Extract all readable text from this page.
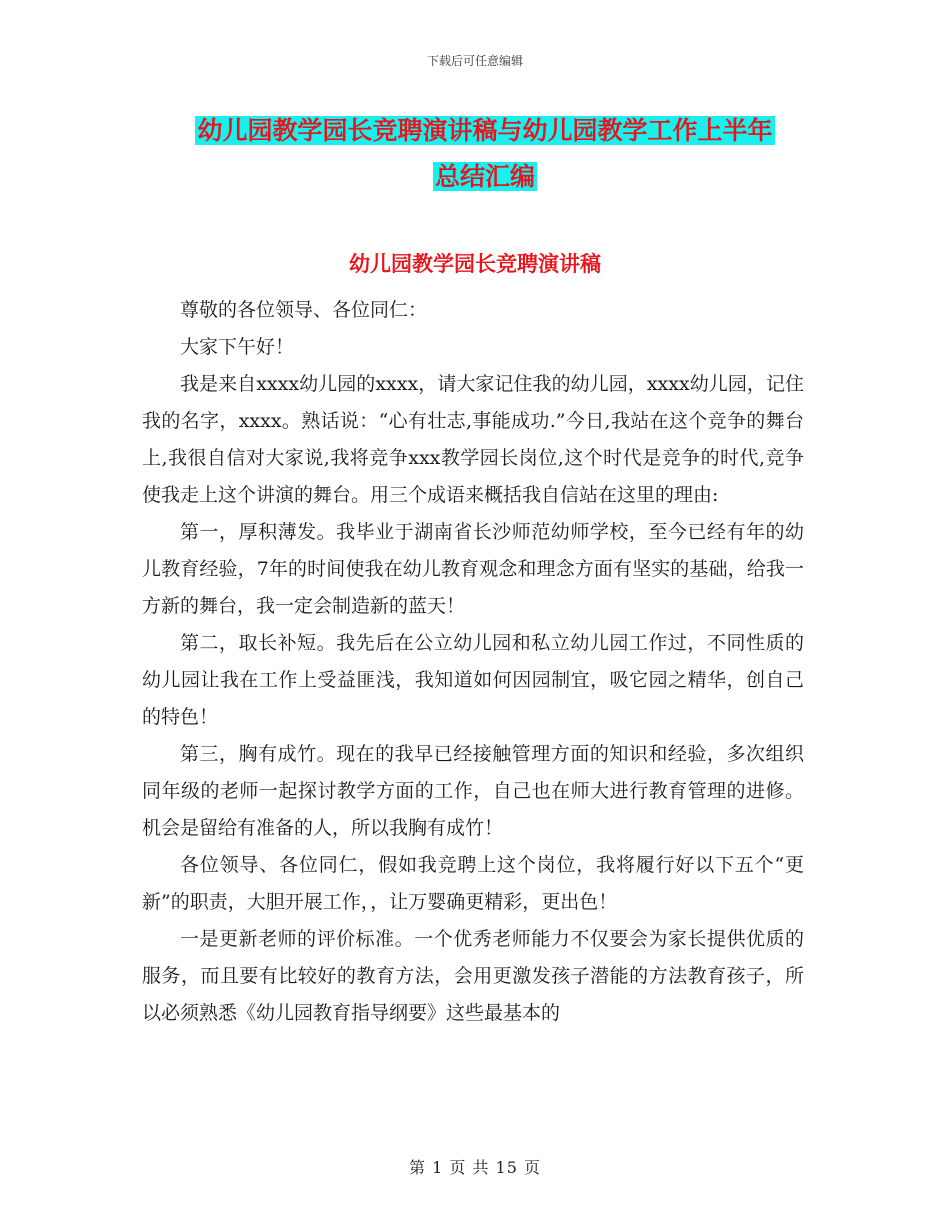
下载后可任意编辑
幼儿园教学园长竞聘演讲稿与幼儿园教学工作上半年
总结汇编
幼儿园教学园长竞聘演讲稿

尊敬的各位领导、各位同仁：

大家下午好！

我是来自xxxx幼儿园的xxxx，请大家记住我的幼儿园，xxxx幼儿园，记住我的名字，xxxx。熟话说：“心有壮志,事能成功.”今日,我站在这个竞争的舞台上,我很自信对大家说,我将竞争xxx教学园长岗位,这个时代是竞争的时代,竞争使我走上这个讲演的舞台。用三个成语来概括我自信站在这里的理由:

第一，厚积薄发。我毕业于湖南省长沙师范幼师学校，至今已经有年的幼儿教育经验，7年的时间使我在幼儿教育观念和理念方面有坚实的基础，给我一方新的舞台，我一定会制造新的蓝天！

第二，取长补短。我先后在公立幼儿园和私立幼儿园工作过，不同性质的幼儿园让我在工作上受益匪浅，我知道如何因园制宜，吸它园之精华，创自己的特色！

第三，胸有成竹。现在的我早已经接触管理方面的知识和经验，多次组织同年级的老师一起探讨教学方面的工作，自己也在师大进行教育管理的进修。机会是留给有准备的人，所以我胸有成竹！

各位领导、各位同仁，假如我竞聘上这个岗位，我将履行好以下五个“更新”的职责，大胆开展工作，，让万婴确更精彩，更出色！

一是更新老师的评价标准。一个优秀老师能力不仅要会为家长提供优质的服务，而且要有比较好的教育方法，会用更激发孩子潜能的方法教育孩子，所以必须熟悉《幼儿园教育指导纲要》这些最基本的

第 1 页 共 15 页
